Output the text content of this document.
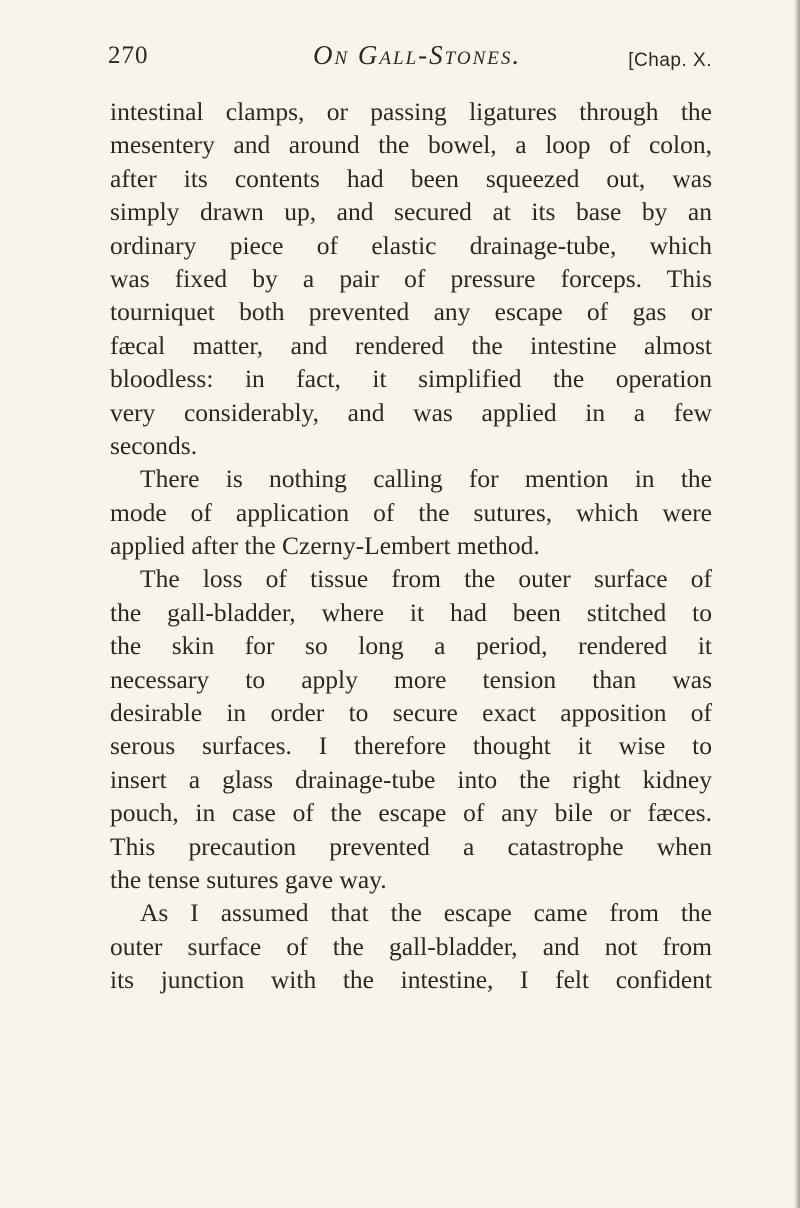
270	On Gall-Stones.	[Chap. X.
intestinal clamps, or passing ligatures through the
mesentery and around the bowel, a loop of colon,
after its contents had been squeezed out, was
simply drawn up, and secured at its base by an
ordinary piece of elastic drainage-tube, which
was fixed by a pair of pressure forceps. This
tourniquet both prevented any escape of gas or
fæcal matter, and rendered the intestine almost
bloodless: in fact, it simplified the operation
very considerably, and was applied in a few
seconds.
There is nothing calling for mention in the
mode of application of the sutures, which were
applied after the Czerny-Lembert method.
The loss of tissue from the outer surface of
the gall-bladder, where it had been stitched to
the skin for so long a period, rendered it
necessary to apply more tension than was
desirable in order to secure exact apposition of
serous surfaces. I therefore thought it wise to
insert a glass drainage-tube into the right kidney
pouch, in case of the escape of any bile or fæces.
This precaution prevented a catastrophe when
the tense sutures gave way.
As I assumed that the escape came from the
outer surface of the gall-bladder, and not from
its junction with the intestine, I felt confident
